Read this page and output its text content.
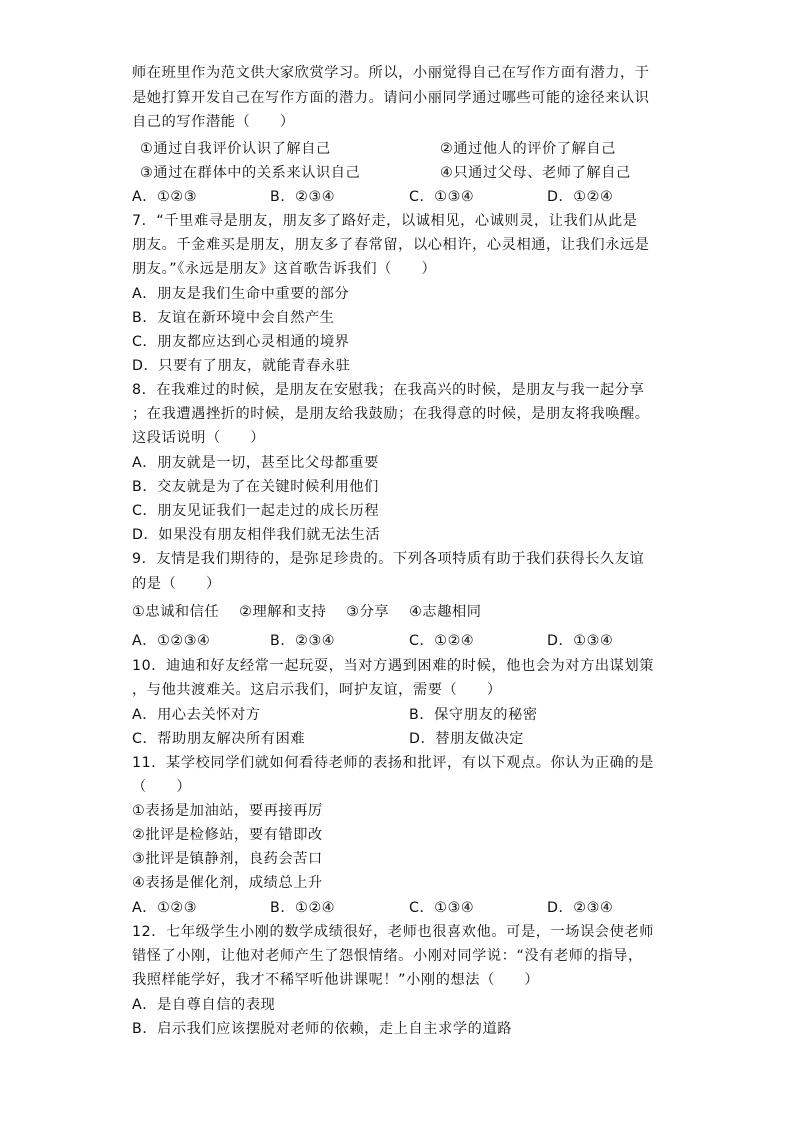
师在班里作为范文供大家欣赏学习。所以，小丽觉得自己在写作方面有潜力，于
是她打算开发自己在写作方面的潜力。请问小丽同学通过哪些可能的途径来认识
自己的写作潜能（　　）
①通过自我评价认识了解自己	②通过他人的评价了解自己
③通过在群体中的关系来认识自己	④只通过父母、老师了解自己
A．①②③	B．②③④	C．①③④	D．①②④
7．“千里难寻是朋友，朋友多了路好走，以诚相见，心诚则灵，让我们从此是
朋友。千金难买是朋友，朋友多了春常留，以心相许，心灵相通，让我们永远是
朋友。”《永远是朋友》这首歌告诉我们（　　）
A．朋友是我们生命中重要的部分
B．友谊在新环境中会自然产生
C．朋友都应达到心灵相通的境界
D．只要有了朋友，就能青春永驻
8．在我难过的时候，是朋友在安慰我；在我高兴的时候，是朋友与我一起分享
；在我遭遇挫折的时候，是朋友给我鼓励；在我得意的时候，是朋友将我唤醒。
这段话说明（　　）
A．朋友就是一切，甚至比父母都重要
B．交友就是为了在关键时候利用他们
C．朋友见证我们一起走过的成长历程
D．如果没有朋友相伴我们就无法生活
9．友情是我们期待的，是弥足珍贵的。下列各项特质有助于我们获得长久友谊
的是（　　）
①忠诚和信任　 ②理解和支持　 ③分享　 ④志趣相同
A．①②③④	B．②③④	C．①②④	D．①③④
10．迪迪和好友经常一起玩耍，当对方遇到困难的时候，他也会为对方出谋划策
，与他共渡难关。这启示我们，呵护友谊，需要（　　）
A．用心去关怀对方	B．保守朋友的秘密
C．帮助朋友解决所有困难	D．替朋友做决定
11．某学校同学们就如何看待老师的表扬和批评，有以下观点。你认为正确的是
（　　）
①表扬是加油站，要再接再厉
②批评是检修站，要有错即改
③批评是镇静剂，良药会苦口
④表扬是催化剂，成绩总上升
A．①②③	B．①②④	C．①③④	D．②③④
12．七年级学生小刚的数学成绩很好，老师也很喜欢他。可是，一场误会使老师
错怪了小刚，让他对老师产生了怨恨情绪。小刚对同学说：“没有老师的指导，
我照样能学好，我才不稀罕听他讲课呢！”小刚的想法（　　）
A．是自尊自信的表现
B．启示我们应该摆脱对老师的依赖，走上自主求学的道路
